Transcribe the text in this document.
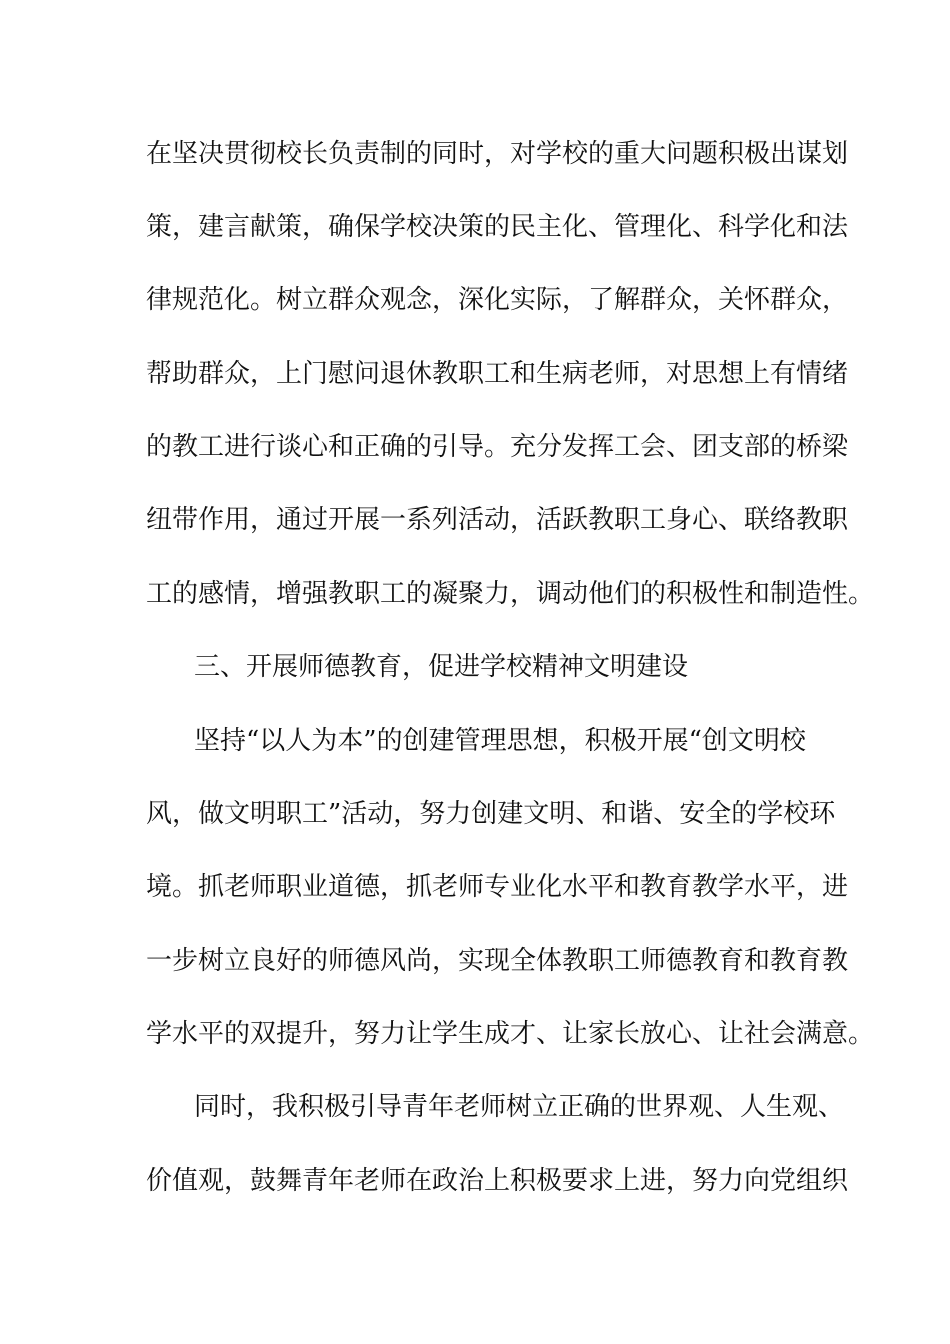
在坚决贯彻校长负责制的同时，对学校的重大问题积极出谋划
策，建言献策，确保学校决策的民主化、管理化、科学化和法
律规范化。树立群众观念，深化实际，了解群众，关怀群众，
帮助群众，上门慰问退休教职工和生病老师，对思想上有情绪
的教工进行谈心和正确的引导。充分发挥工会、团支部的桥梁
纽带作用，通过开展一系列活动，活跃教职工身心、联络教职
工的感情，增强教职工的凝聚力，调动他们的积极性和制造性。
三、开展师德教育，促进学校精神文明建设
坚持“以人为本”的创建管理思想，积极开展“创文明校
风，做文明职工”活动，努力创建文明、和谐、安全的学校环
境。抓老师职业道德，抓老师专业化水平和教育教学水平，进
一步树立良好的师德风尚，实现全体教职工师德教育和教育教
学水平的双提升，努力让学生成才、让家长放心、让社会满意。
同时，我积极引导青年老师树立正确的世界观、人生观、
价值观，鼓舞青年老师在政治上积极要求上进，努力向党组织
